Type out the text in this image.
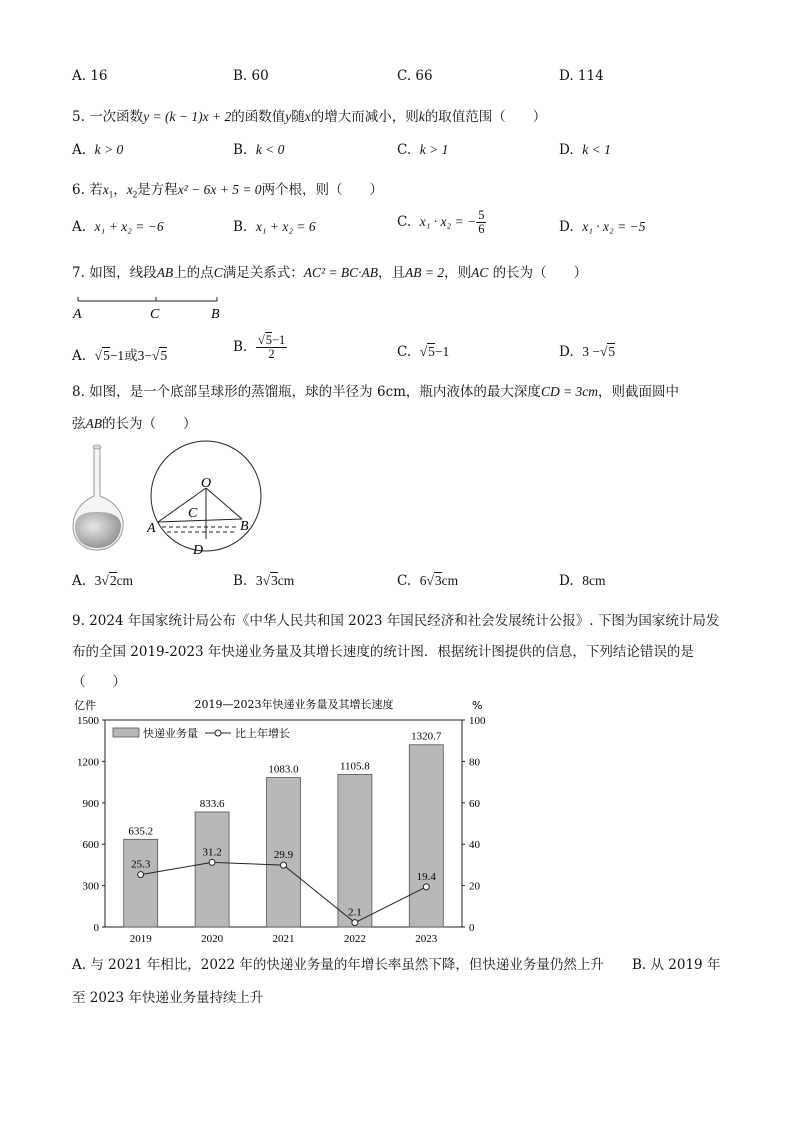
A. 16	B. 60	C. 66	D. 114
5. 一次函数y = (k − 1)x + 2的函数值y随x的增大而减小，则k的取值范围（　　）
A. k > 0	B. k < 0	C. k > 1	D. k < 1
6. 若$x_1$，$x_2$是方程x² − 6x + 5 = 0两个根，则（　　）
A. x₁ + x₂ = −6	B. x₁ + x₂ = 6	C. x₁ · x₂ = − $\frac{5}{6}$	D. x₁ · x₂ = −5
7. 如图，线段AB上的点C满足关系式：AC² = BC·AB，且AB = 2，则AC 的长为（　　）
A	C	B
A. √5−1或3−√5
B. $\frac{√5-1}{2}$	C. √5−1	D. 3 −√5
8. 如图，是一个底部呈球形的蒸馏瓶，球的半径为 6cm，瓶内液体的最大深度CD = 3cm，则截面圆中
弦AB的长为（　　）
O
C
A	B
D
A. 3√2cm	B. 3√3cm	C. 6√3cm	D. 8cm
9. 2024 年国家统计局公布《中华人民共和国 2023 年国民经济和社会发展统计公报》. 下图为国家统计局发
布的全国 2019-2023 年快递业务量及其增长速度的统计图．根据统计图提供的信息，下列结论错误的是
（　　）
亿件	%
2019—2023年快递业务量及其增长速度
快递业务量	比上年增长
0
300
600
900
1200
1500
0
20
40
60
80
100
635.2
2019
833.6
2020
1083.0
2021
1105.8
2022
1320.7
2023
25.3
31.2	29.9
2.1
19.4
A. 与 2021 年相比，2022 年的快递业务量的年增长率虽然下降，但快递业务量仍然上升 B. 从 2019 年
至 2023 年快递业务量持续上升
